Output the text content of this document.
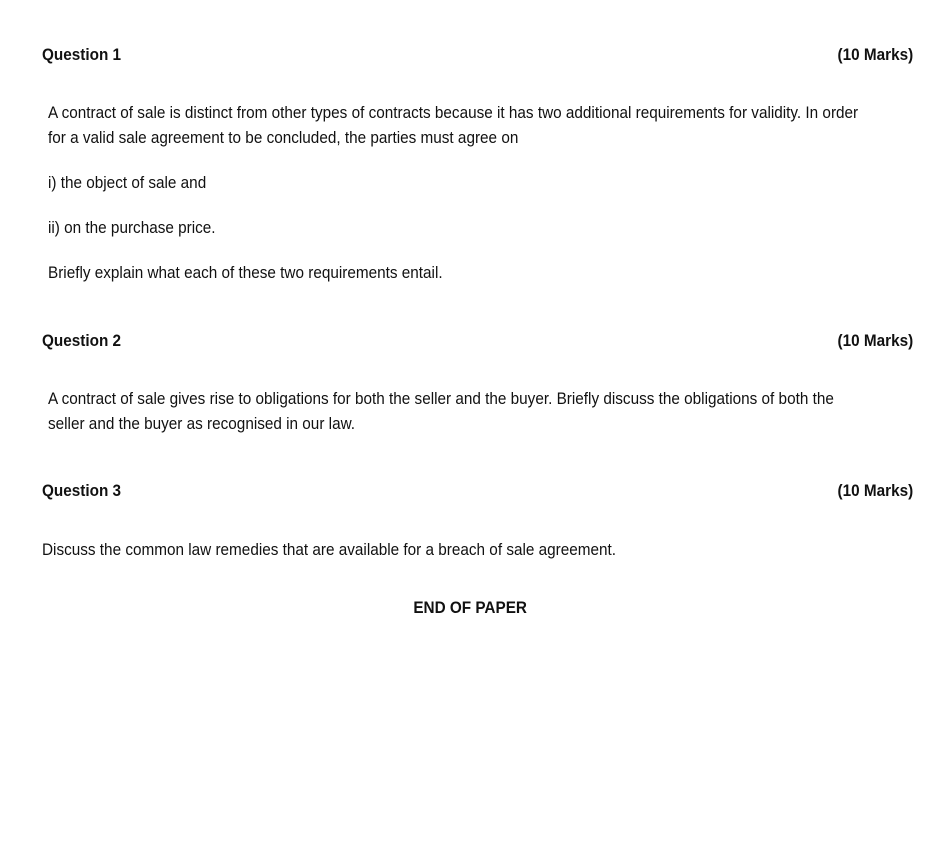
Question 1	(10 Marks)
A contract of sale is distinct from other types of contracts because it has two additional requirements for validity. In order
for a valid sale agreement to be concluded, the parties must agree on
i) the object of sale and
ii) on the purchase price.
Briefly explain what each of these two requirements entail.
Question 2	(10 Marks)
A contract of sale gives rise to obligations for both the seller and the buyer. Briefly discuss the obligations of both the
seller and the buyer as recognised in our law.
Question 3	(10 Marks)
Discuss the common law remedies that are available for a breach of sale agreement.
END OF PAPER
